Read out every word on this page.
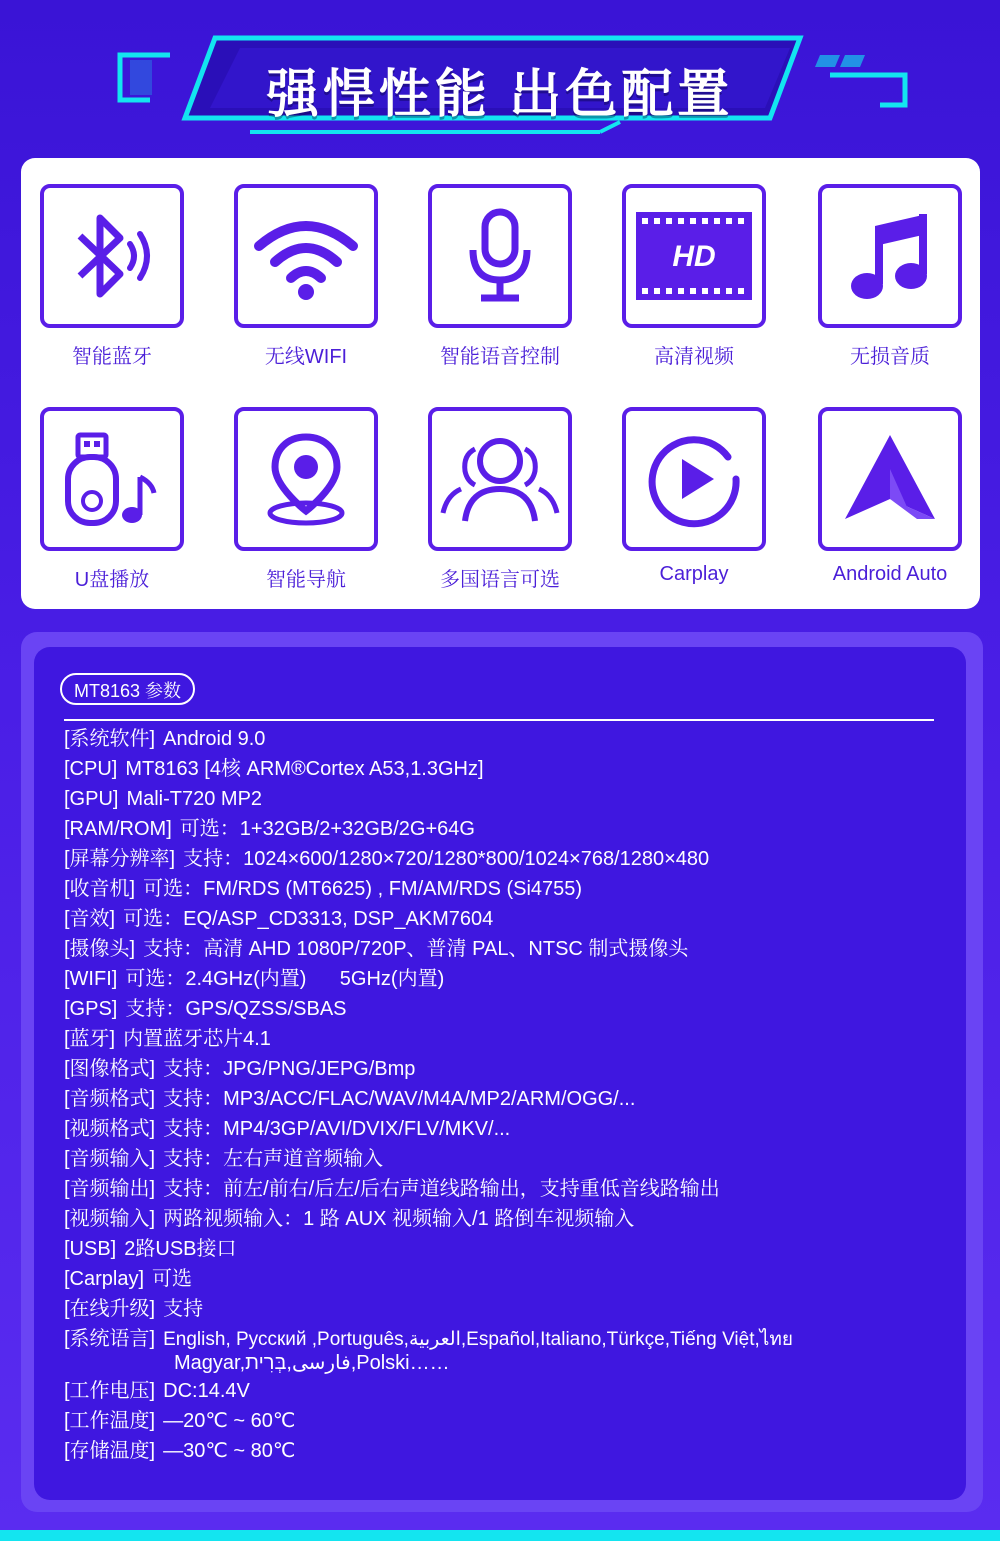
强悍性能 出色配置
智能蓝牙	无线WIFI	智能语音控制
HD
高清视频	无损音质
U盘播放	智能导航	多国语言可选	Carplay	Android Auto
MT8163 参数
[系统软件] Android 9.0
[CPU] MT8163 [4核 ARM®Cortex A53,1.3GHz]
[GPU] Mali-T720 MP2
[RAM/ROM] 可选：1+32GB/2+32GB/2G+64G
[屏幕分辨率] 支持：1024×600/1280×720/1280*800/1024×768/1280×480
[收音机] 可选：FM/RDS (MT6625) , FM/AM/RDS (Si4755)
[音效] 可选：EQ/ASP_CD3313, DSP_AKM7604
[摄像头] 支持：高清 AHD 1080P/720P、普清 PAL、NTSC 制式摄像头
[WIFI] 可选：2.4GHz(内置)      5GHz(内置)
[GPS] 支持：GPS/QZSS/SBAS
[蓝牙] 内置蓝牙芯片4.1
[图像格式] 支持：JPG/PNG/JEPG/Bmp
[音频格式] 支持：MP3/ACC/FLAC/WAV/M4A/MP2/ARM/OGG/...
[视频格式] 支持：MP4/3GP/AVI/DVIX/FLV/MKV/...
[音频输入] 支持：左右声道音频输入
[音频输出] 支持：前左/前右/后左/后右声道线路输出，支持重低音线路输出
[视频输入] 两路视频输入：1 路 AUX 视频输入/1 路倒车视频输入
[USB] 2路USB接口
[Carplay] 可选
[在线升级] 支持
[系统语言] English, Русский ,Português,العربية,Español,Italiano,Türkçe,Tiếng Việt,ไทย
Magyar,فارسی,בְּרִית,Polski……
[工作电压] DC:14.4V
[工作温度] —20℃ ~ 60℃
[存储温度] —30℃ ~ 80℃
